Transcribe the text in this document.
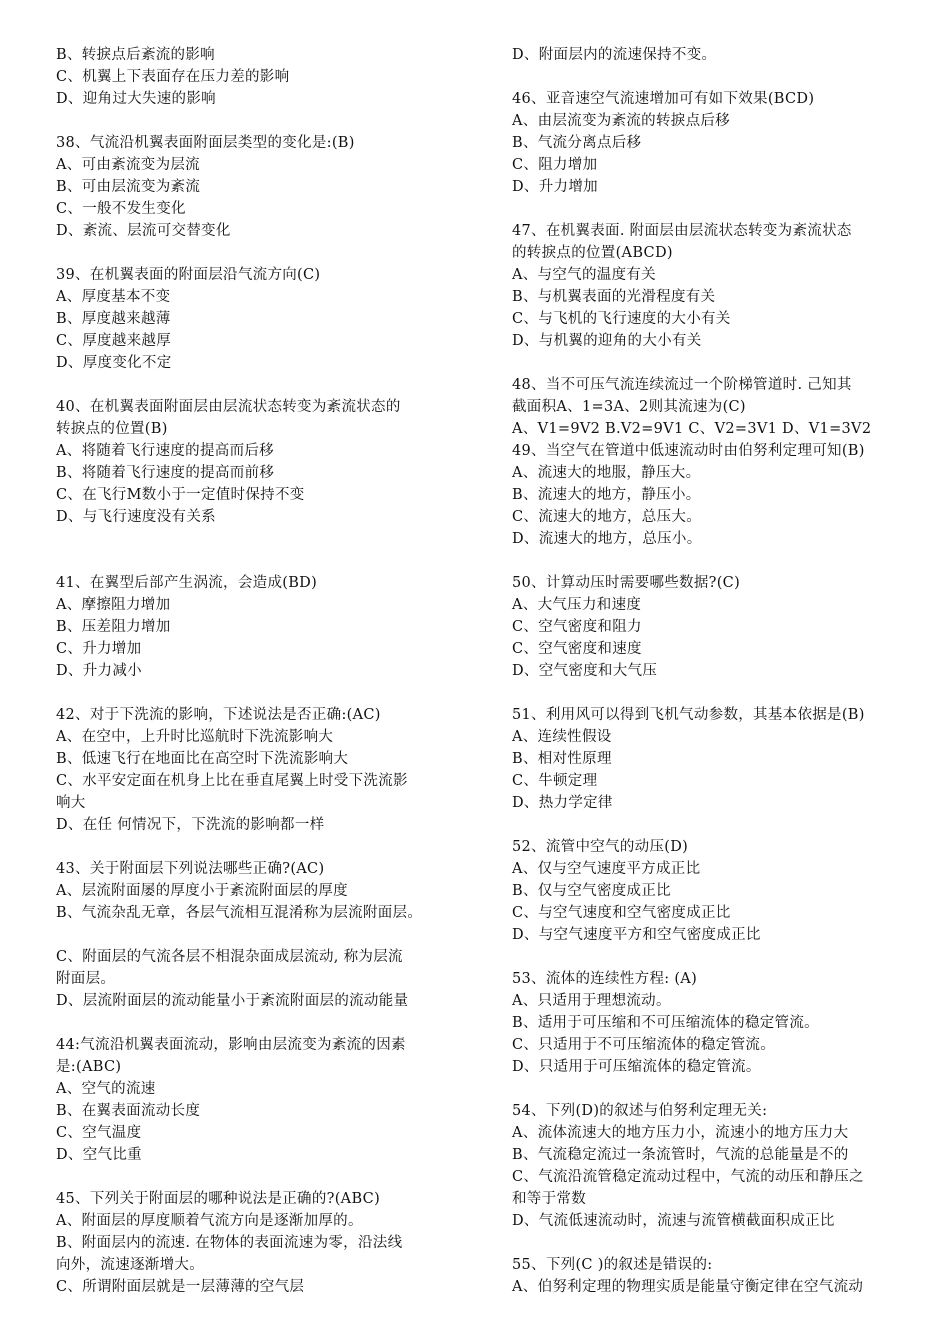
B、转捩点后紊流的影响
C、机翼上下表面存在压力差的影响
D、迎角过大失速的影响
38、气流沿机翼表面附面层类型的变化是:(B)
A、可由紊流变为层流
B、可由层流变为紊流
C、一般不发生变化
D、紊流、层流可交替变化
39、在机翼表面的附面层沿气流方向(C)
A、厚度基本不变
B、厚度越来越薄
C、厚度越来越厚
D、厚度变化不定
40、在机翼表面附面层由层流状态转变为紊流状态的
转捩点的位置(B)
A、将随着飞行速度的提高而后移
B、将随着飞行速度的提高而前移
C、在飞行M数小于一定值时保持不变
D、与飞行速度没有关系
41、在翼型后部产生涡流，会造成(BD)
A、摩擦阻力增加
B、压差阻力增加
C、升力增加
D、升力减小
42、对于下洗流的影响，下述说法是否正确:(AC)
A、在空中，上升时比巡航时下洗流影响大
B、低速飞行在地面比在高空时下洗流影响大
C、水平安定面在机身上比在垂直尾翼上时受下洗流影
响大
D、在任 何情况下，下洗流的影响都一样
43、关于附面层下列说法哪些正确?(AC)
A、层流附面屡的厚度小于紊流附面层的厚度
B、气流杂乱无章，各层气流相互混淆称为层流附面层。
C、附面层的气流各层不相混杂面成层流动, 称为层流
附面层。
D、层流附面层的流动能量小于紊流附面层的流动能量
44:气流沿机翼表面流动，影响由层流变为紊流的因素
是:(ABC)
A、空气的流速
B、在翼表面流动长度
C、空气温度
D、空气比重
45、下列关于附面层的哪种说法是正确的?(ABC)
A、附面层的厚度顺着气流方向是逐渐加厚的。
B、附面层内的流速. 在物体的表面流速为零，沿法线
向外，流速逐渐增大。
C、所谓附面层就是一层薄薄的空气层
D、附面层内的流速保持不变。
46、亚音速空气流速增加可有如下效果(BCD)
A、由层流变为紊流的转捩点后移
B、气流分离点后移
C、阻力增加
D、升力增加
47、在机翼表面. 附面层由层流状态转变为紊流状态
的转捩点的位置(ABCD)
A、与空气的温度有关
B、与机翼表面的光滑程度有关
C、与飞机的飞行速度的大小有关
D、与机翼的迎角的大小有关
48、当不可压气流连续流过一个阶梯管道时. 己知其
截面积A、1=3A、2则其流速为(C)
A、V1=9V2 B.V2=9V1 C、V2=3V1 D、V1=3V2
49、当空气在管道中低速流动时由伯努利定理可知(B)
A、流速大的地服，静压大。
B、流速大的地方，静压小。
C、流速大的地方，总压大。
D、流速大的地方，总压小。
50、计算动压时需要哪些数据?(C)
A、大气压力和速度
C、空气密度和阻力
C、空气密度和速度
D、空气密度和大气压
51、利用风可以得到飞机气动参数，其基本依据是(B)
A、连续性假设
B、相对性原理
C、牛顿定理
D、热力学定律
52、流管中空气的动压(D)
A、仅与空气速度平方成正比
B、仅与空气密度成正比
C、与空气速度和空气密度成正比
D、与空气速度平方和空气密度成正比
53、流体的连续性方程: (A)
A、只适用于理想流动。
B、适用于可压缩和不可压缩流体的稳定管流。
C、只适用于不可压缩流体的稳定管流。
D、只适用于可压缩流体的稳定管流。
54、下列(D)的叙述与伯努利定理无关:
A、流体流速大的地方压力小，流速小的地方压力大
B、气流稳定流过一条流管时，气流的总能量是不的
C、气流沿流管稳定流动过程中，气流的动压和静压之
和等于常数
D、气流低速流动时，流速与流管横截面积成正比
55、下列(C )的叙述是错误的:
A、伯努利定理的物理实质是能量守衡定律在空气流动
